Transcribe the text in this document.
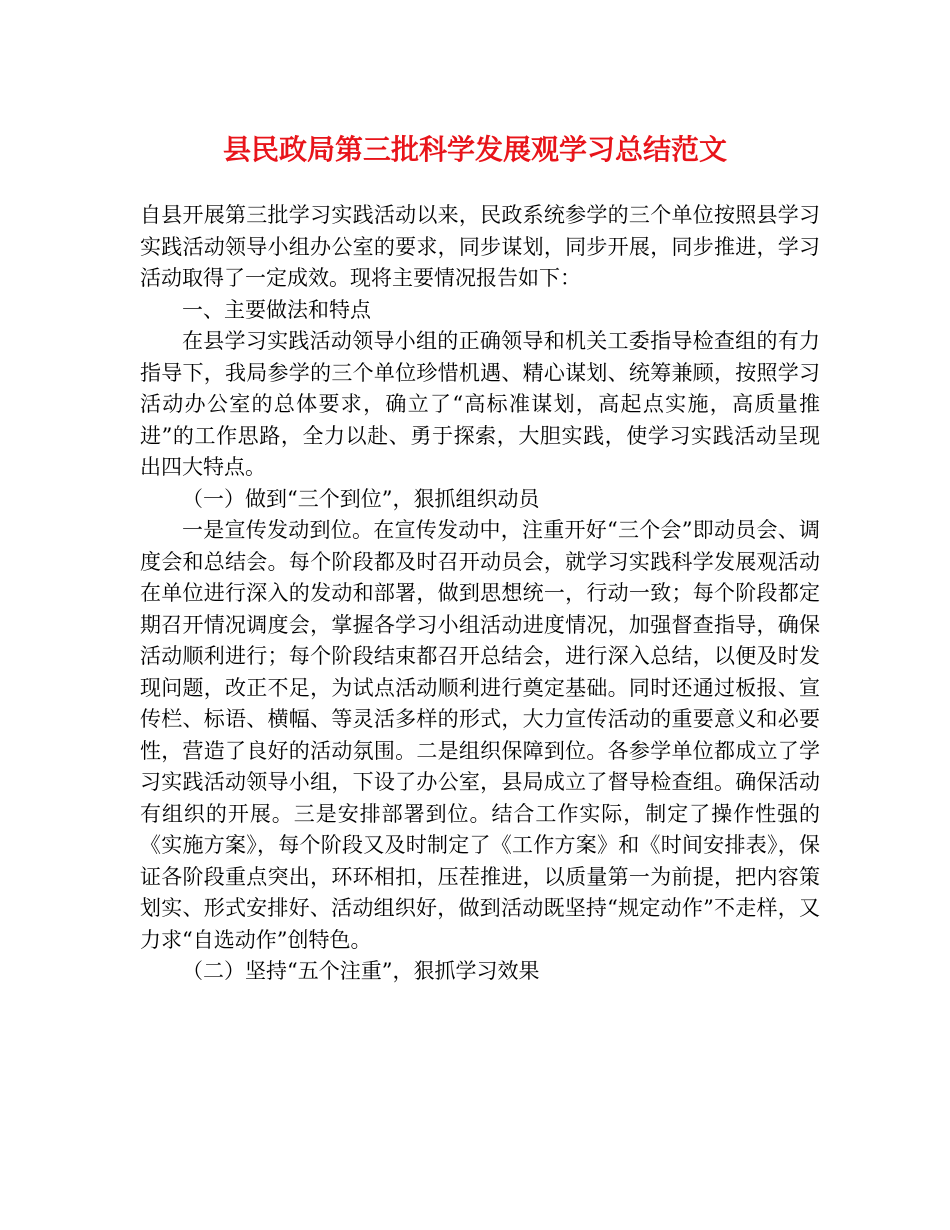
县民政局第三批科学发展观学习总结范文

自县开展第三批学习实践活动以来，民政系统参学的三个单位按照县学习实践活动领导小组办公室的要求，同步谋划，同步开展，同步推进，学习活动取得了一定成效。现将主要情况报告如下：

一、主要做法和特点

在县学习实践活动领导小组的正确领导和机关工委指导检查组的有力指导下，我局参学的三个单位珍惜机遇、精心谋划、统筹兼顾，按照学习活动办公室的总体要求，确立了“高标准谋划，高起点实施，高质量推进”的工作思路，全力以赴、勇于探索，大胆实践，使学习实践活动呈现出四大特点。

（一）做到“三个到位”，狠抓组织动员

一是宣传发动到位。在宣传发动中，注重开好“三个会”即动员会、调度会和总结会。每个阶段都及时召开动员会，就学习实践科学发展观活动在单位进行深入的发动和部署，做到思想统一，行动一致；每个阶段都定期召开情况调度会，掌握各学习小组活动进度情况，加强督查指导，确保活动顺利进行；每个阶段结束都召开总结会，进行深入总结，以便及时发现问题，改正不足，为试点活动顺利进行奠定基础。同时还通过板报、宣传栏、标语、横幅、等灵活多样的形式，大力宣传活动的重要意义和必要性，营造了良好的活动氛围。二是组织保障到位。各参学单位都成立了学习实践活动领导小组，下设了办公室，县局成立了督导检查组。确保活动有组织的开展。三是安排部署到位。结合工作实际，制定了操作性强的《实施方案》，每个阶段又及时制定了《工作方案》和《时间安排表》，保证各阶段重点突出，环环相扣，压茬推进，以质量第一为前提，把内容策划实、形式安排好、活动组织好，做到活动既坚持“规定动作”不走样，又力求“自选动作”创特色。

（二）坚持“五个注重”，狠抓学习效果
